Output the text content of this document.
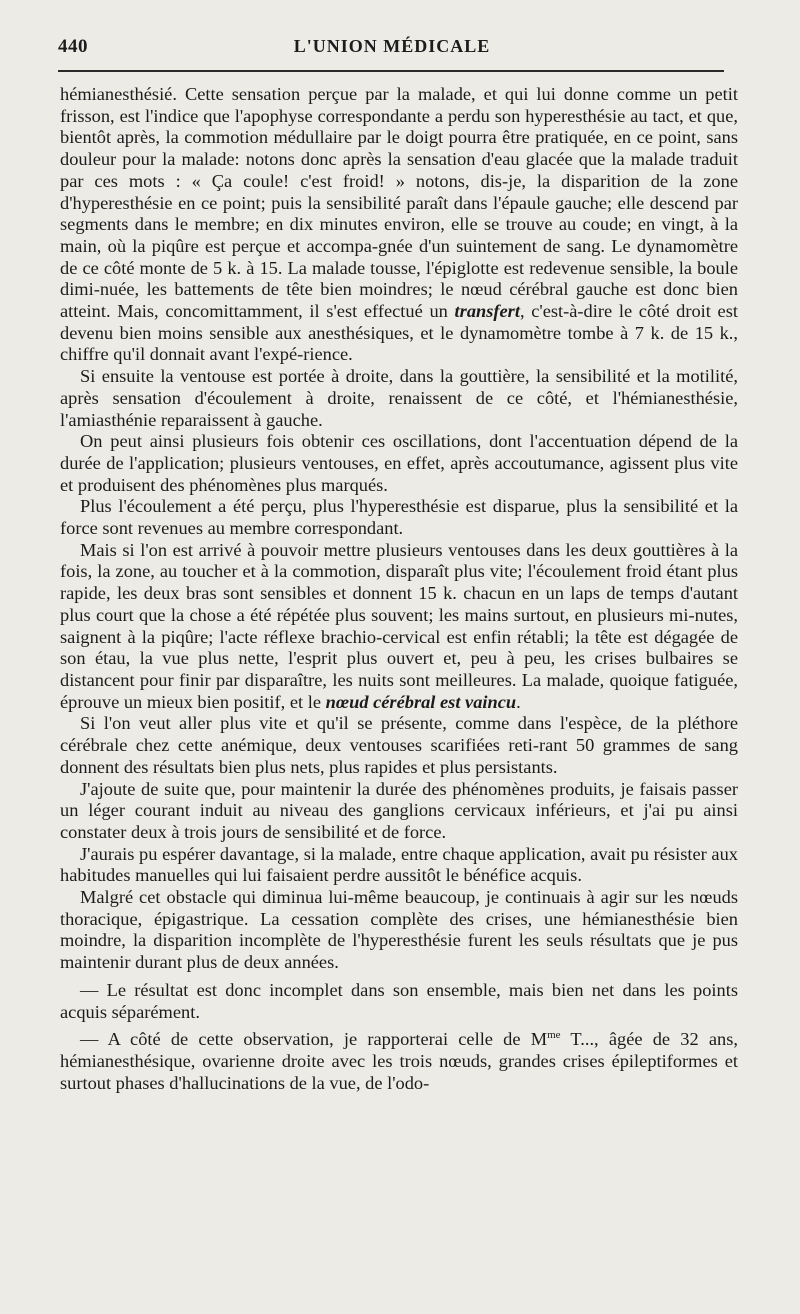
440	L'UNION MÉDICALE

hémianesthésié. Cette sensation perçue par la malade, et qui lui donne comme un petit frisson, est l'indice que l'apophyse correspondante a perdu son hyperesthésie au tact, et que, bientôt après, la commotion médullaire par le doigt pourra être pratiquée, en ce point, sans douleur pour la malade: notons donc après la sensation d'eau glacée que la malade traduit par ces mots : « Ça coule! c'est froid! » notons, dis-je, la disparition de la zone d'hyperesthésie en ce point; puis la sensibilité paraît dans l'épaule gauche; elle descend par segments dans le membre; en dix minutes environ, elle se trouve au coude; en vingt, à la main, où la piqûre est perçue et accompa-gnée d'un suintement de sang. Le dynamomètre de ce côté monte de 5 k. à 15. La malade tousse, l'épiglotte est redevenue sensible, la boule dimi-nuée, les battements de tête bien moindres; le nœud cérébral gauche est donc bien atteint. Mais, concomittamment, il s'est effectué un transfert, c'est-à-dire le côté droit est devenu bien moins sensible aux anesthésiques, et le dynamomètre tombe à 7 k. de 15 k., chiffre qu'il donnait avant l'expé-rience.

Si ensuite la ventouse est portée à droite, dans la gouttière, la sensibilité et la motilité, après sensation d'écoulement à droite, renaissent de ce côté, et l'hémianesthésie, l'amiasthénie reparaissent à gauche.

On peut ainsi plusieurs fois obtenir ces oscillations, dont l'accentuation dépend de la durée de l'application; plusieurs ventouses, en effet, après accoutumance, agissent plus vite et produisent des phénomènes plus marqués.

Plus l'écoulement a été perçu, plus l'hyperesthésie est disparue, plus la sensibilité et la force sont revenues au membre correspondant.

Mais si l'on est arrivé à pouvoir mettre plusieurs ventouses dans les deux gouttières à la fois, la zone, au toucher et à la commotion, disparaît plus vite; l'écoulement froid étant plus rapide, les deux bras sont sensibles et donnent 15 k. chacun en un laps de temps d'autant plus court que la chose a été répétée plus souvent; les mains surtout, en plusieurs mi-nutes, saignent à la piqûre; l'acte réflexe brachio-cervical est enfin rétabli; la tête est dégagée de son étau, la vue plus nette, l'esprit plus ouvert et, peu à peu, les crises bulbaires se distancent pour finir par disparaître, les nuits sont meilleures. La malade, quoique fatiguée, éprouve un mieux bien positif, et le nœud cérébral est vaincu.

Si l'on veut aller plus vite et qu'il se présente, comme dans l'espèce, de la pléthore cérébrale chez cette anémique, deux ventouses scarifiées reti-rant 50 grammes de sang donnent des résultats bien plus nets, plus rapides et plus persistants.

J'ajoute de suite que, pour maintenir la durée des phénomènes produits, je faisais passer un léger courant induit au niveau des ganglions cervicaux inférieurs, et j'ai pu ainsi constater deux à trois jours de sensibilité et de force.

J'aurais pu espérer davantage, si la malade, entre chaque application, avait pu résister aux habitudes manuelles qui lui faisaient perdre aussitôt le bénéfice acquis.

Malgré cet obstacle qui diminua lui-même beaucoup, je continuais à agir sur les nœuds thoracique, épigastrique. La cessation complète des crises, une hémianesthésie bien moindre, la disparition incomplète de l'hyperesthésie furent les seuls résultats que je pus maintenir durant plus de deux années.

— Le résultat est donc incomplet dans son ensemble, mais bien net dans les points acquis séparément.

— A côté de cette observation, je rapporterai celle de $M^{me}$ T..., âgée de 32 ans, hémianesthésique, ovarienne droite avec les trois nœuds, grandes crises épileptiformes et surtout phases d'hallucinations de la vue, de l'odo-
